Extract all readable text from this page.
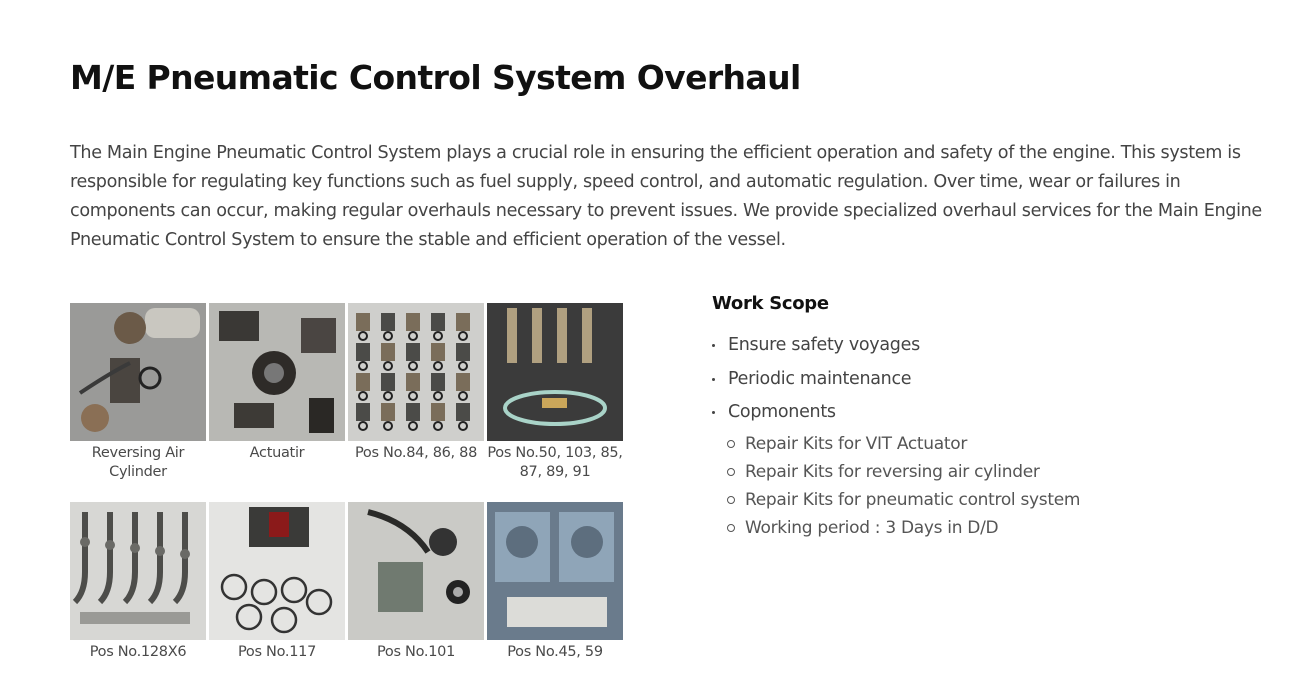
M/E Pneumatic Control System Overhaul

The Main Engine Pneumatic Control System plays a crucial role in ensuring the efficient operation and safety of the engine. This system is responsible for regulating key functions such as fuel supply, speed control, and automatic regulation. Over time, wear or failures in components can occur, making regular overhauls necessary to prevent issues. We provide specialized overhaul services for the Main Engine Pneumatic Control System to ensure the stable and efficient operation of the vessel.

Reversing Air Cylinder
Actuatir	Pos No.84, 86, 88 Pos No.50, 103, 85, 87, 89, 91
Pos No.128X6	Pos No.117	Pos No.101	Pos No.45, 59
Work Scope
Ensure safety voyages
Periodic maintenance
Copmonents
Repair Kits for VIT Actuator
Repair Kits for reversing air cylinder
Repair Kits for pneumatic control system
Working period : 3 Days in D/D
